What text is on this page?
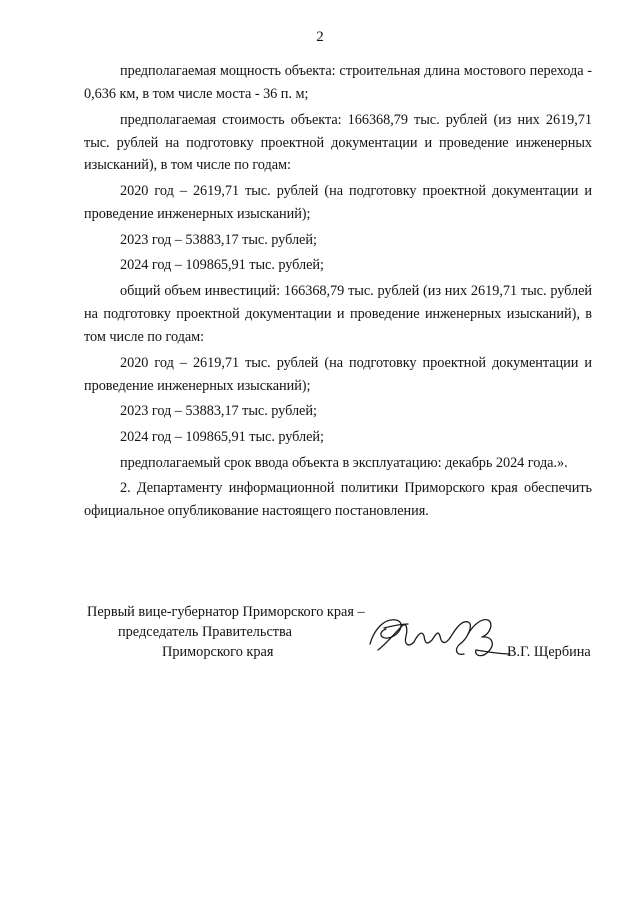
2

предполагаемая мощность объекта: строительная длина мостового перехода - 0,636 км, в том числе моста - 36 п. м;

предполагаемая стоимость объекта: 166368,79 тыс. рублей (из них 2619,71 тыс. рублей на подготовку проектной документации и проведение инженерных изысканий), в том числе по годам:

2020 год – 2619,71 тыс. рублей (на подготовку проектной документации и проведение инженерных изысканий);

2023 год – 53883,17 тыс. рублей;

2024 год – 109865,91 тыс. рублей;

общий объем инвестиций: 166368,79 тыс. рублей (из них 2619,71 тыс. рублей на подготовку проектной документации и проведение инженерных изысканий), в том числе по годам:

2020 год – 2619,71 тыс. рублей (на подготовку проектной документации и проведение инженерных изысканий);

2023 год – 53883,17 тыс. рублей;

2024 год – 109865,91 тыс. рублей;

предполагаемый срок ввода объекта в эксплуатацию: декабрь 2024 года.».

2. Департаменту информационной политики Приморского края обеспечить официальное опубликование настоящего постановления.

Первый вице-губернатор Приморского края –
председатель Правительства
Приморского края	В.Г. Щербина
